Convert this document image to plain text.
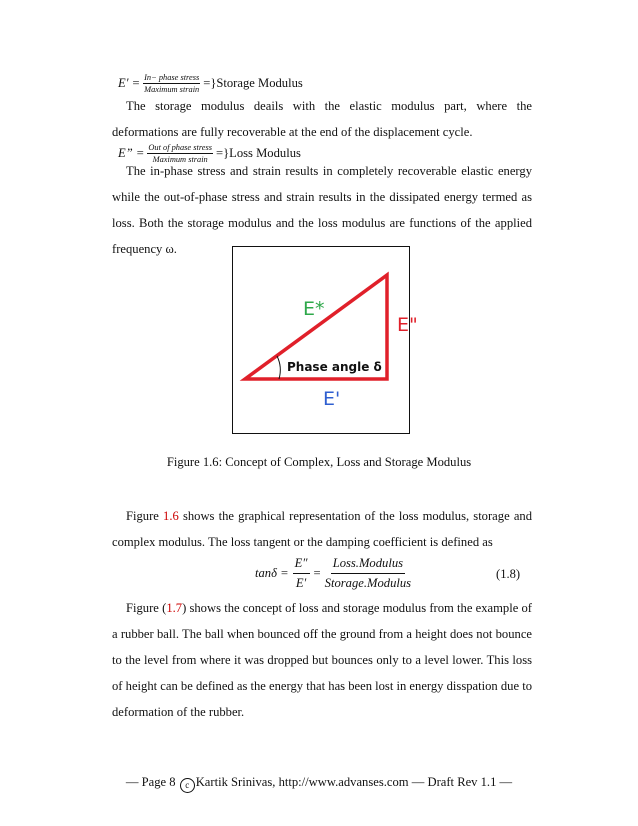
$E' = \frac{\text{In− phase stress}}{\text{Maximum strain}}$ =}Storage Modulus

The storage modulus deails with the elastic modulus part, where the deformations are fully recoverable at the end of the displacement cycle.

E” = $\frac{\text{Out of phase stress}}{\text{Maximum strain}}$ =}Loss Modulus

The in-phase stress and strain results in completely recoverable elastic energy while the out-of-phase stress and strain results in the dissipated energy termed as loss. Both the storage modulus and the loss modulus are functions of the applied frequency ω.

E*
E"
Phase angle δ
E'
Figure 1.6: Concept of Complex, Loss and Storage Modulus

Figure 1.6 shows the graphical representation of the loss modulus, storage and complex modulus. The loss tangent or the damping coefficient is defined as

$\tan\delta = \frac{E''}{E'} = \frac{\text{Loss.Modulus}}{\text{Storage.Modulus}}$	(1.8)

Figure (1.7) shows the concept of loss and storage modulus from the example of a rubber ball. The ball when bounced off the ground from a height does not bounce to the level from where it was dropped but bounces only to a level lower. This loss of height can be defined as the energy that has been lost in energy disspation due to deformation of the rubber.

— Page 8 c Kartik Srinivas, http://www.advanses.com — Draft Rev 1.1 —
